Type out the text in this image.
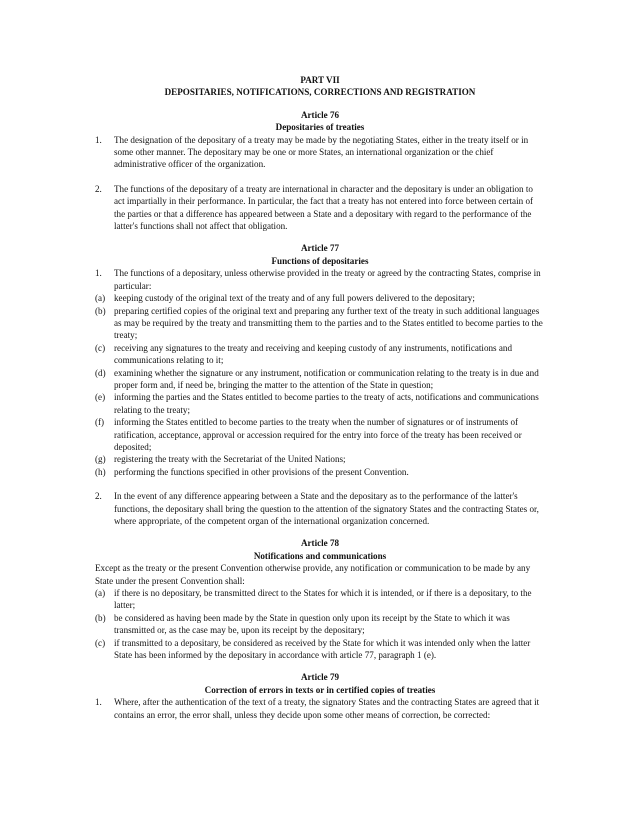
PART VII
DEPOSITARIES, NOTIFICATIONS, CORRECTIONS AND REGISTRATION
Article 76
Depositaries of treaties
1.	The designation of the depositary of a treaty may be made by the negotiating States, either in the treaty itself or in some other manner. The depositary may be one or more States, an international organization or the chief administrative officer of the organization.
2.	The functions of the depositary of a treaty are international in character and the depositary is under an obligation to act impartially in their performance. In particular, the fact that a treaty has not entered into force between certain of the parties or that a difference has appeared between a State and a depositary with regard to the performance of the latter's functions shall not affect that obligation.
Article 77
Functions of depositaries
1.	The functions of a depositary, unless otherwise provided in the treaty or agreed by the contracting States, comprise in particular:
(a) keeping custody of the original text of the treaty and of any full powers delivered to the depositary;
(b) preparing certified copies of the original text and preparing any further text of the treaty in such additional languages as may be required by the treaty and transmitting them to the parties and to the States entitled to become parties to the treaty;
(c) receiving any signatures to the treaty and receiving and keeping custody of any instruments, notifications and communications relating to it;
(d) examining whether the signature or any instrument, notification or communication relating to the treaty is in due and proper form and, if need be, bringing the matter to the attention of the State in question;
(e) informing the parties and the States entitled to become parties to the treaty of acts, notifications and communications relating to the treaty;
(f)	informing the States entitled to become parties to the treaty when the number of signatures or of instruments of ratification, acceptance, approval or accession required for the entry into force of the treaty has been received or deposited;
(g) registering the treaty with the Secretariat of the United Nations;
(h) performing the functions specified in other provisions of the present Convention.
2.	In the event of any difference appearing between a State and the depositary as to the performance of the latter's functions, the depositary shall bring the question to the attention of the signatory States and the contracting States or, where appropriate, of the competent organ of the international organization concerned.
Article 78
Notifications and communications

Except as the treaty or the present Convention otherwise provide, any notification or communication to be made by any State under the present Convention shall:

(a) if there is no depositary, be transmitted direct to the States for which it is intended, or if there is a depositary, to the latter;
(b) be considered as having been made by the State in question only upon its receipt by the State to which it was transmitted or, as the case may be, upon its receipt by the depositary;
(c) if transmitted to a depositary, be considered as received by the State for which it was intended only when the latter State has been informed by the depositary in accordance with article 77, paragraph 1 (e).
Article 79
Correction of errors in texts or in certified copies of treaties
1.	Where, after the authentication of the text of a treaty, the signatory States and the contracting States are agreed that it contains an error, the error shall, unless they decide upon some other means of correction, be corrected:
